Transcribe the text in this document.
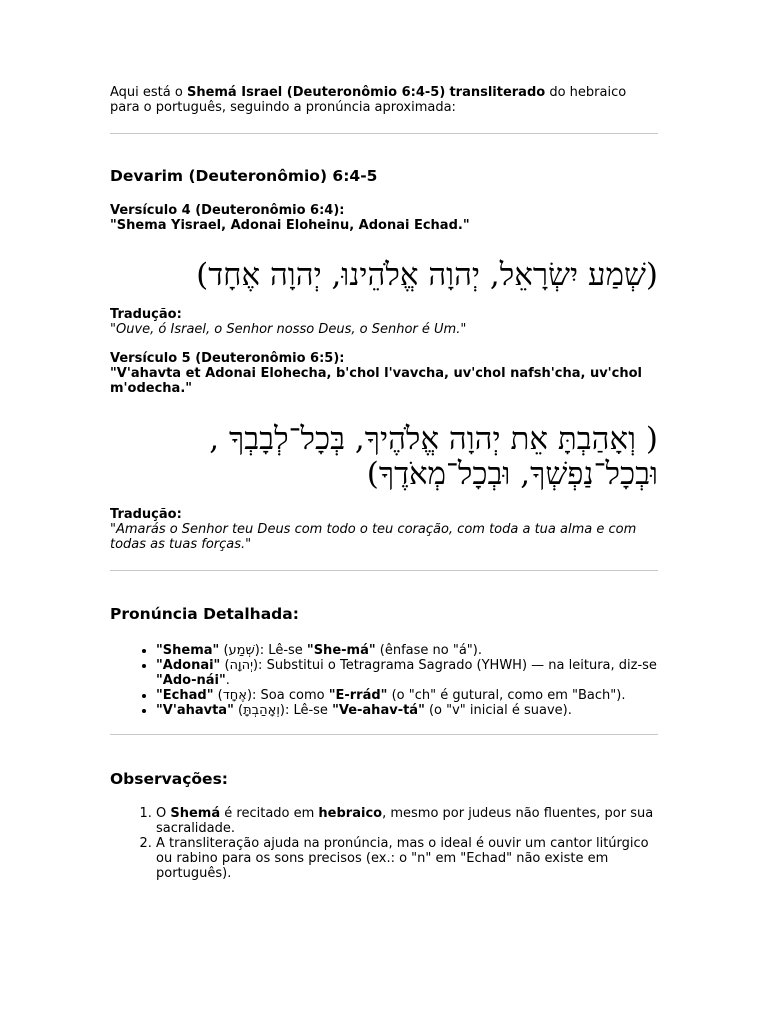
Aqui está o Shemá Israel (Deuteronômio 6:4-5) transliterado do hebraico para o português, seguindo a pronúncia aproximada:

Devarim (Deuteronômio) 6:4-5

Versículo 4 (Deuteronômio 6:4):

"Shema Yisrael, Adonai Eloheinu, Adonai Echad."

(שְׁמַע יִשְׂרָאֵל, יְהוָה אֱלֹהֵינוּ, יְהוָה אֶחָד)

Tradução:

"Ouve, ó Israel, o Senhor nosso Deus, o Senhor é Um."

Versículo 5 (Deuteronômio 6:5):

"V'ahavta et Adonai Elohecha, b'chol l'vavcha, uv'chol nafsh'cha, uv'chol m'odecha."

( וְאָהַבְתָּ אֵת יְהוָה אֱלֹהֶיךָ, בְּכָל־לְבָבְךָ ,

וּבְכָל־נַפְשְׁךָ, וּבְכָל־מְאֹדֶךָ)

Tradução:

"Amarás o Senhor teu Deus com todo o teu coração, com toda a tua alma e com todas as tuas forças."

Pronúncia Detalhada:
• "Shema" (שְׁמַע): Lê-se "She-má" (ênfase no "á").
• "Adonai" (יְהוָה): Substitui o Tetragrama Sagrado (YHWH) — na leitura, diz-se "Ado-nái".
• "Echad" (אֶחָד): Soa como "E-rrád" (o "ch" é gutural, como em "Bach").
• "V'ahavta" (וְאָהַבְתָּ): Lê-se "Ve-ahav-tá" (o "v" inicial é suave).
Observações:
1. O Shemá é recitado em hebraico, mesmo por judeus não fluentes, por sua sacralidade.
2. A transliteração ajuda na pronúncia, mas o ideal é ouvir um cantor litúrgico ou rabino para os sons precisos (ex.: o "n" em "Echad" não existe em português).
